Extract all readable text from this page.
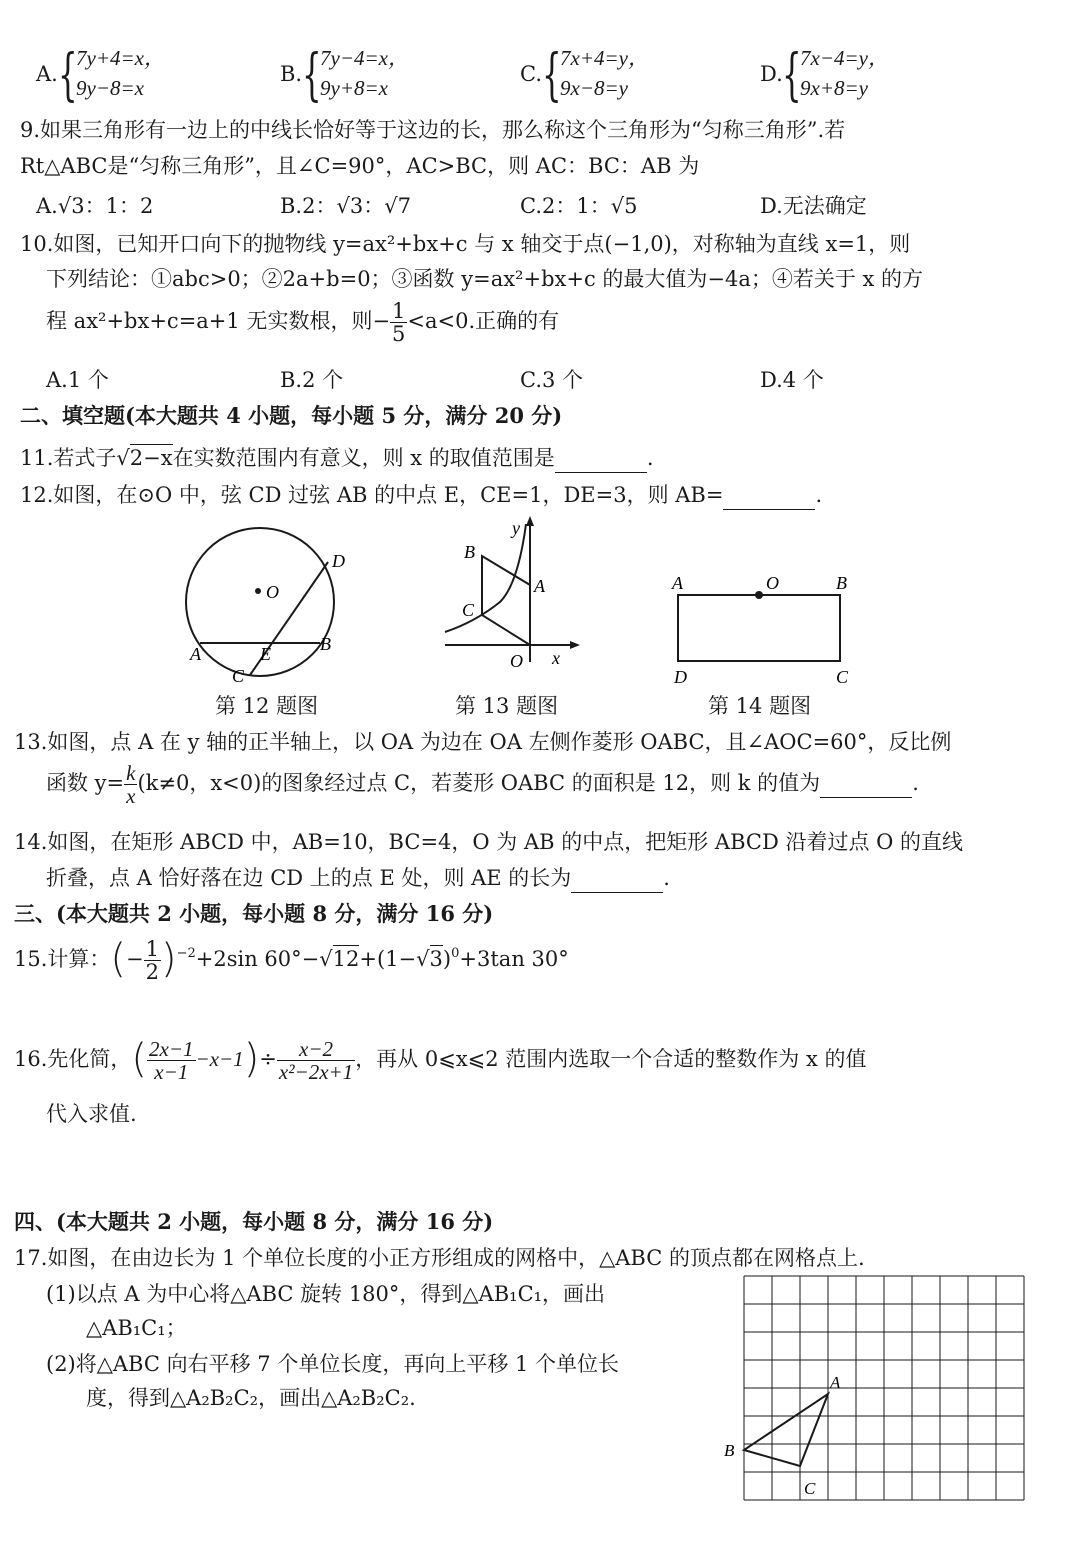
A. {
7y+4=x，
9y−8=x
B. {
7y−4=x，
9y+8=x
C. {
7x+4=y，
9x−8=y
D. {
7x−4=y，
9x+8=y
9.如果三角形有一边上的中线长恰好等于这边的长，那么称这个三角形为“匀称三角形”.若
Rt△ABC是“匀称三角形”，且∠C=90°，AC>BC，则 AC：BC：AB 为
A.√3：1：2	B.2：√3：√7	C.2：1：√5	D.无法确定
10.如图，已知开口向下的抛物线 y=ax²+bx+c 与 x 轴交于点(−1,0)，对称轴为直线 x=1，则
下列结论：①abc>0；②2a+b=0；③函数 y=ax²+bx+c 的最大值为−4a；④若关于 x 的方
程 ax²+bx+c=a+1 无实数根，则− $\frac{1}{5} <a<0$.正确的有
A.1 个	B.2 个	C.3 个	D.4 个
二、填空题(本大题共 4 小题，每小题 5 分，满分 20 分)
11.若式子√2−x在实数范围内有意义，则 x 的取值范围是	.
12.如图，在⊙O 中，弦 CD 过弦 AB 的中点 E，CE=1，DE=3，则 AB=	.
O
D
A	B
C
E
第 12 题图
y
x
B
A
C
O
第 13 题图
A	O	B
D	C
第 14 题图
13.如图，点 A 在 y 轴的正半轴上，以 OA 为边在 OA 左侧作菱形 OABC，且∠AOC=60°，反比例
函数 $y= \frac{k}{x} (k\ne 0$，x<0)的图象经过点 C，若菱形 OABC 的面积是 12，则 k 的值为	.
14.如图，在矩形 ABCD 中，AB=10，BC=4，O 为 AB 的中点，把矩形 ABCD 沿着过点 O 的直线
折叠，点 A 恰好落在边 CD 上的点 E 处，则 AE 的长为	.
三、(本大题共 2 小题，每小题 8 分，满分 16 分)
15.计算：(− $\frac{1}{2} )^{-2}+2\sin$ $60^\circ-√12+(1-√3)^0+3\tan$ 30°
16.先化简，( $\frac{2x-1}{x-1} -x-1)\div \frac{x-2}{\text{x²−2x+1}}$ ，再从 0⩽x⩽2 范围内选取一个合适的整数作为 x 的值
代入求值.
四、(本大题共 2 小题，每小题 8 分，满分 16 分)
17.如图，在由边长为 1 个单位长度的小正方形组成的网格中，△ABC 的顶点都在网格点上.
(1)以点 A 为中心将△ABC 旋转 180°，得到△AB₁C₁，画出
△AB₁C₁；
(2)将△ABC 向右平移 7 个单位长度，再向上平移 1 个单位长
度，得到△A₂B₂C₂，画出△A₂B₂C₂.
A
B
C
